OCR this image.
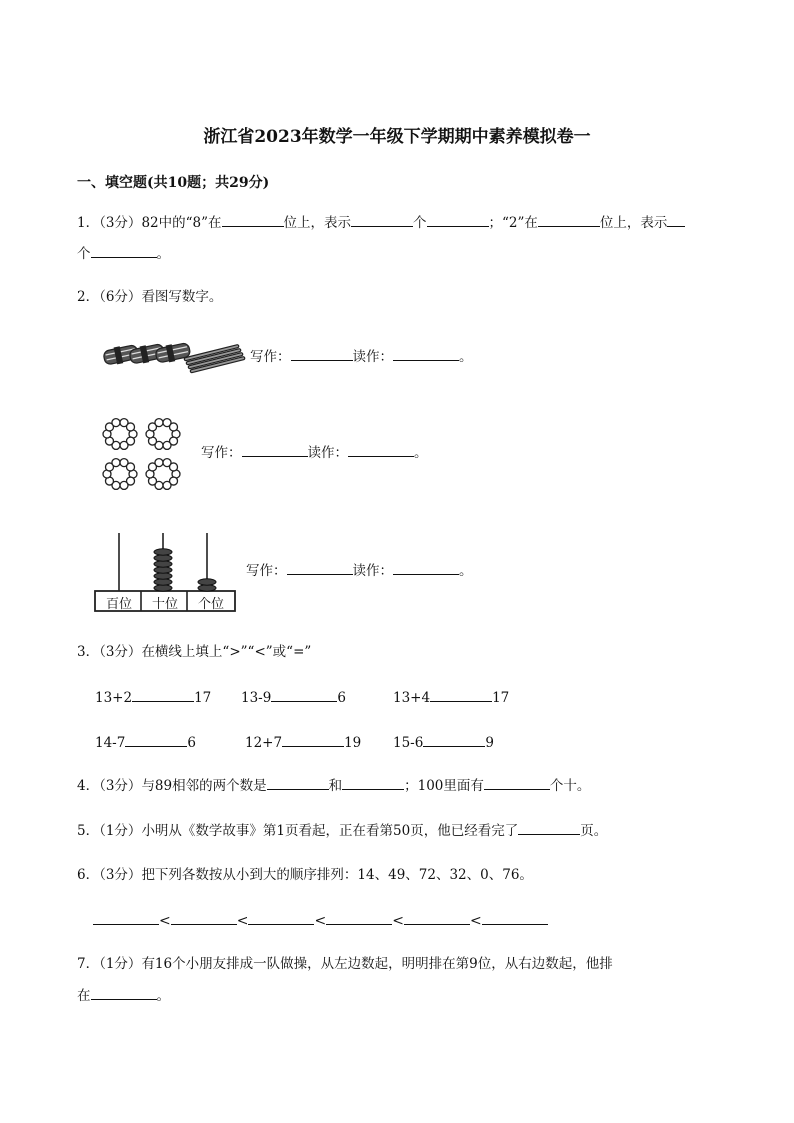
浙江省2023年数学一年级下学期期中素养模拟卷一
一、填空题(共10题；共29分)
1．（3分）82中的“8”在	位上，表示	个	；“2”在	位上，表示
个	。
2．（6分）看图写数字。
写作：	读作：	。
写作：	读作：	。
百位	十位	个位
写作：	读作：	。
3．（3分）在横线上填上“>”“<”或“=”
13+2	17 13-9	6	13+4	17
14-7	6	12+7	19 15-6	9
4．（3分）与89相邻的两个数是	和	；100里面有	个十。
5．（1分）小明从《数学故事》第1页看起，正在看第50页，他已经看完了	页。
6．（3分）把下列各数按从小到大的顺序排列：14、49、72、32、0、76。
<	<	<	<	<
7．（1分）有16个小朋友排成一队做操，从左边数起，明明排在第9位，从右边数起，他排
在	。
